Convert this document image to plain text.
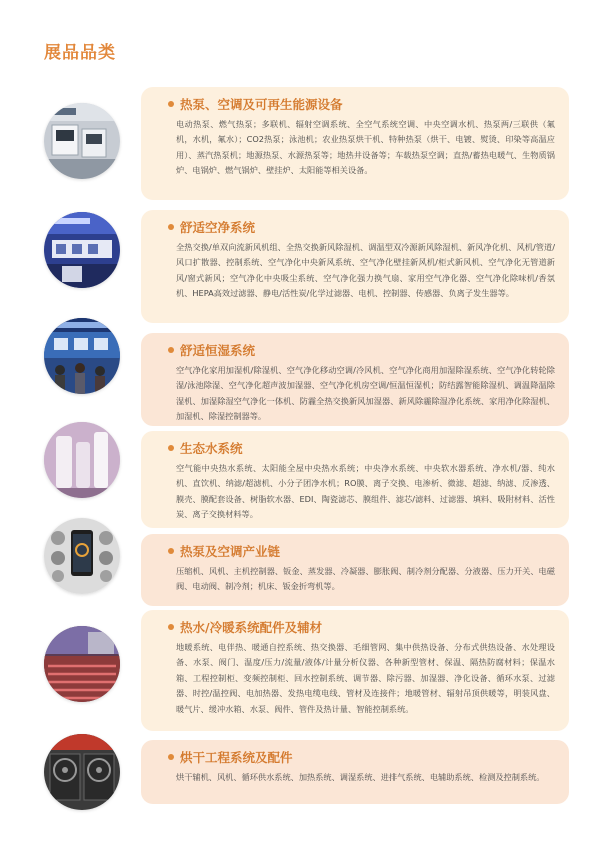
展品品类
热泵、空调及可再生能源设备
电动热泵、燃气热泵；多联机、辐射空调系统、全空气系统空调、中央空调水机、热泵两/三联供（氟机，水机，氟水）；CO2热泵；泳池机；农业热泵烘干机、特种热泵（烘干、电镀、熨烫、印染等高温应用）、蒸汽热泵机；地源热泵、水源热泵等；地热井设备等；车载热泵空调；直热/蓄热电暖气、生物质锅炉、电锅炉、燃气锅炉、壁挂炉、太阳能等相关设备。
舒适空净系统
全热交换/单双向流新风机组、全热交换新风除湿机、调温型双冷源新风除湿机、新风净化机、风机/管道/风口扩散器、控制系统、空气净化中央新风系统、空气净化壁挂新风机/柜式新风机、空气净化无管道新风/窗式新风；空气净化中央吸尘系统、空气净化强力换气扇、家用空气净化器、空气净化除味机/香氛机、HEPA高效过滤器、静电/活性炭/化学过滤器、电机、控制器、传感器、负离子发生器等。
舒适恒湿系统
空气净化家用加湿机/除湿机、空气净化移动空调/冷风机、空气净化商用加湿除湿系统、空气净化转轮除湿/泳池除湿、空气净化超声波加湿器、空气净化机房空调/恒温恒湿机；防结露智能除湿机、调温降温除湿机、加湿除湿空气净化一体机、防霾全热交换新风加湿器、新风除霾除湿净化系统、家用净化除湿机、加湿机、除湿控制器等。
生态水系统
空气能中央热水系统、太阳能全屋中央热水系统；中央净水系统、中央软水器系统、净水机/器、纯水机、直饮机、纳滤/超滤机、小分子团净水机；RO膜、离子交换、电渗析、微滤、超滤、纳滤、反渗透、膜壳、膜配套设备、树脂软水器、EDI、陶瓷滤芯、膜组件、滤芯/滤料、过滤器、填料、吸附材料、活性炭、离子交换材料等。
热泵及空调产业链
压缩机、风机、主机控制器、钣金、蒸发器、冷凝器、膨胀阀、制冷剂分配器、分液器、压力开关、电磁阀、电动阀、制冷剂；机床、钣金折弯机等。
热水/冷暖系统配件及辅材
地暖系统、电伴热、暖通自控系统、热交换器、毛细管网、集中供热设备、分布式供热设备、水处理设备、水泵、阀门、温度/压力/流量/液体/计量分析仪器、各种新型管材、保温、隔热防腐材料；保温水箱、工程控制柜、变频控制柜、回水控制系统、调节器、除污器、加湿器、净化设备、循环水泵、过滤器、时控/温控阀、电加热器、发热电缆电线、管材及连接件；地暖管材、辐射吊顶供暖等，明装风盘、暖气片、缓冲水箱、水泵、阀件、管件及热计量、智能控制系统。
烘干工程系统及配件
烘干辅机、风机、循环供水系统、加热系统、调湿系统、进排气系统、电辅助系统、检测及控制系统。
